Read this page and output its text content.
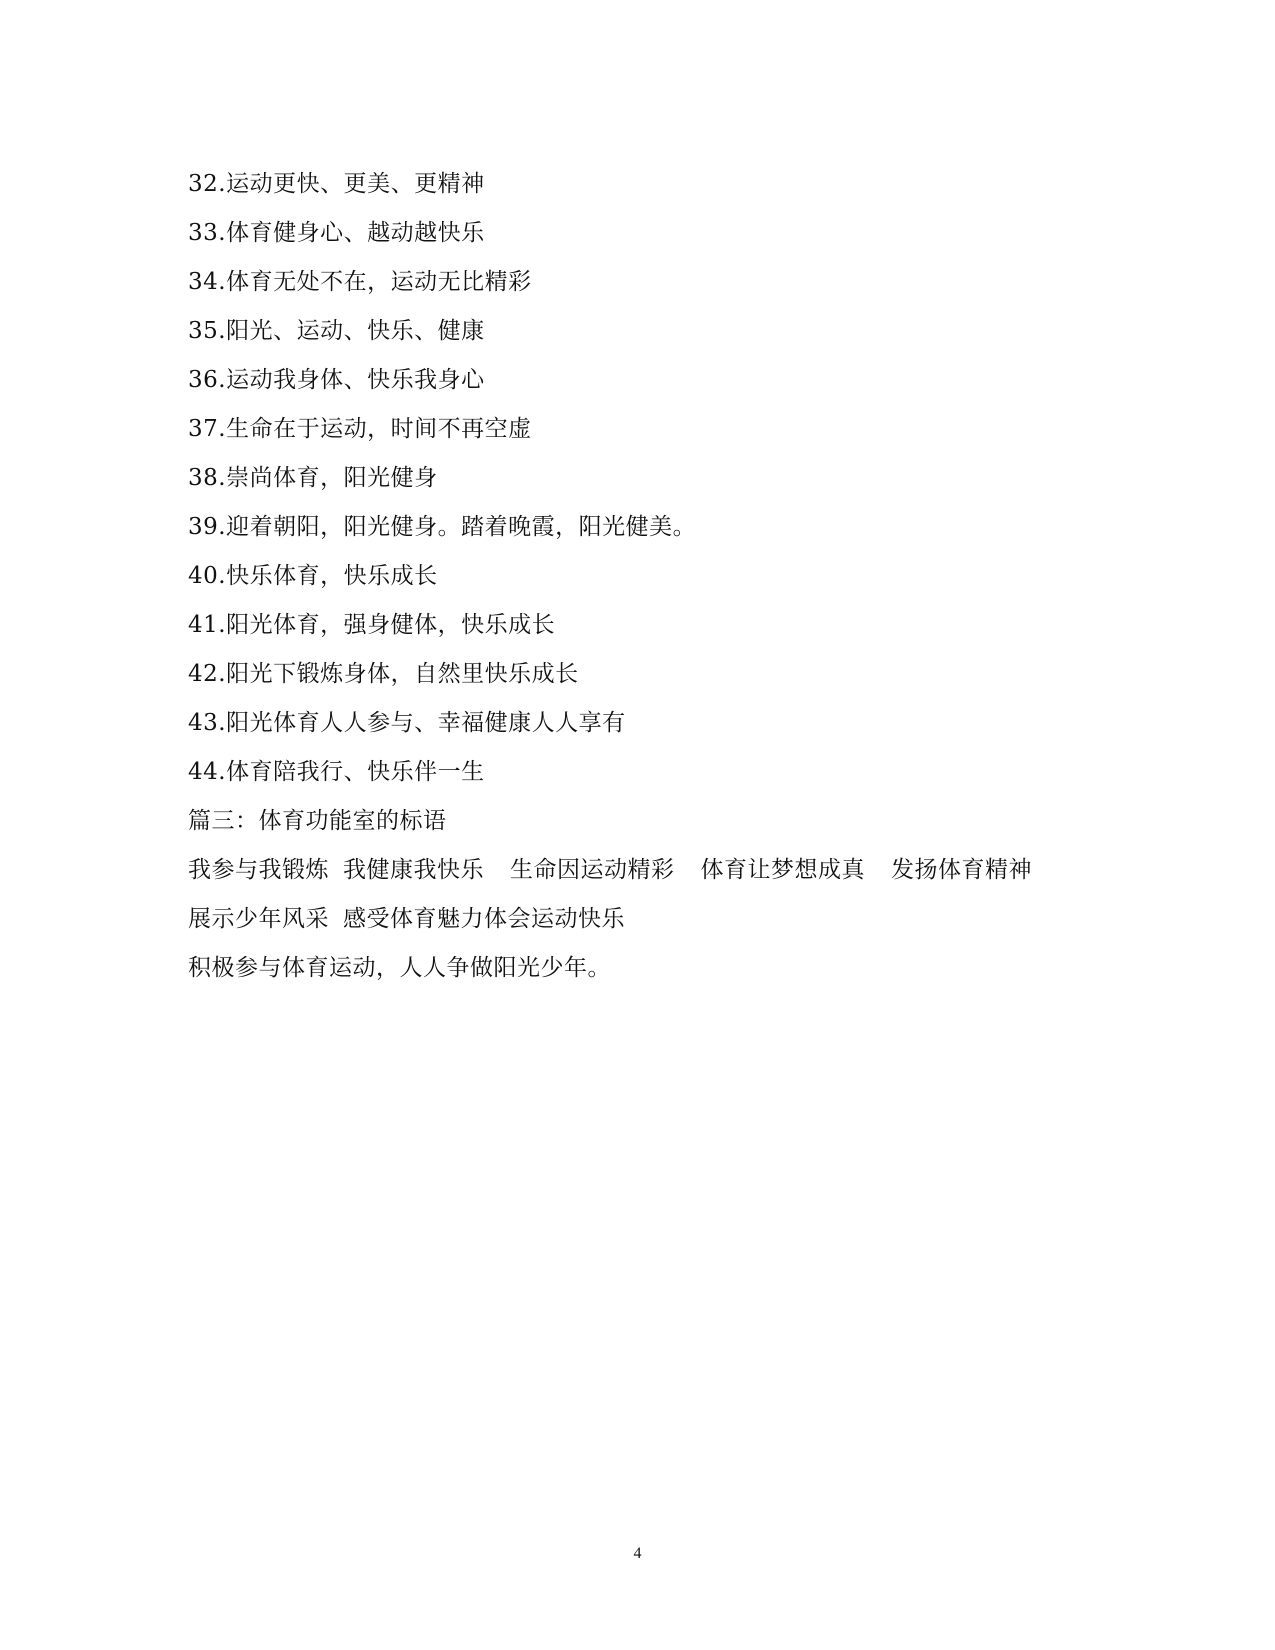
32.运动更快、更美、更精神
33.体育健身心、越动越快乐
34.体育无处不在，运动无比精彩
35.阳光、运动、快乐、健康
36.运动我身体、快乐我身心
37.生命在于运动，时间不再空虚
38.崇尚体育，阳光健身
39.迎着朝阳，阳光健身。踏着晚霞，阳光健美。
40.快乐体育，快乐成长
41.阳光体育，强身健体，快乐成长
42.阳光下锻炼身体，自然里快乐成长
43.阳光体育人人参与、幸福健康人人享有
44.体育陪我行、快乐伴一生
篇三：体育功能室的标语
我参与我锻炼 我健康我快乐 生命因运动精彩 体育让梦想成真 发扬体育精神
展示少年风采 感受体育魅力体会运动快乐
积极参与体育运动，人人争做阳光少年。
4
